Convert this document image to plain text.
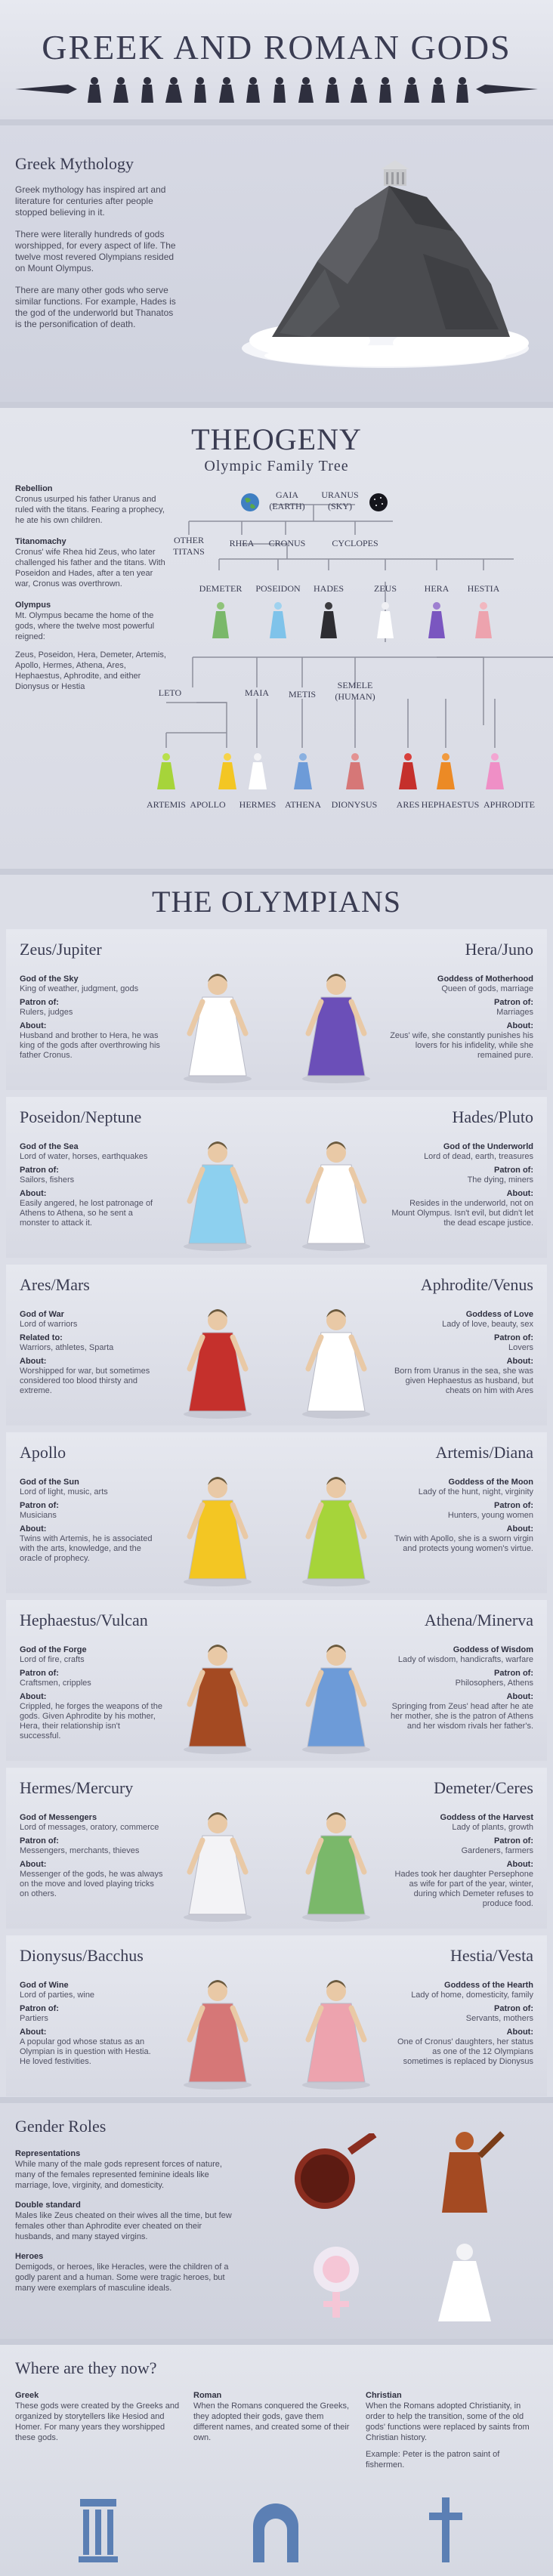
GREEK AND ROMAN GODS
Greek Mythology

Greek mythology has inspired art and literature for centuries after people stopped believing in it.

There were literally hundreds of gods worshipped, for every aspect of life. The twelve most revered Olympians resided on Mount Olympus.

There are many other gods who serve similar functions. For example, Hades is the god of the underworld but Thanatos is the personification of death.

THEOGENY
Olympic Family Tree
Rebellion

Cronus usurped his father Uranus and ruled with the titans. Fearing a prophecy, he ate his own children.

Titanomachy

Cronus' wife Rhea hid Zeus, who later challenged his father and the titans. With Poseidon and Hades, after a ten year war, Cronus was overthrown.

Olympus

Mt. Olympus became the home of the gods, where the twelve most powerful reigned:

Zeus, Poseidon, Hera, Demeter, Artemis, Apollo, Hermes, Athena, Ares, Hephaestus, Aphrodite, and either Dionysus or Hestia

GAIA
(EARTH)
URANUS
(SKY)
OTHER
TITANS
RHEA	CRONUS	CYCLOPES
DEMETER POSEIDON	HADES	ZEUS	HERA	HESTIA
LETO	MAIA	METIS
SEMELE
(HUMAN)
ARTEMIS APOLLO HERMES ATHENA	DIONYSUS	ARES HEPHAESTUS APHRODITE
THE OLYMPIANS
Zeus/Jupiter
God of the Sky
King of weather, judgment, gods
Patron of:
Rulers, judges
About:
Husband and brother to Hera, he was king of the gods after overthrowing his father Cronus.
Hera/Juno
Goddess of Motherhood
Queen of gods, marriage
Patron of:
Marriages
About:
Zeus' wife, she constantly punishes his lovers for his infidelity, while she remained pure.
Poseidon/Neptune
God of the Sea
Lord of water, horses, earthquakes
Patron of:
Sailors, fishers
About:
Easily angered, he lost patronage of Athens to Athena, so he sent a monster to attack it.
Hades/Pluto
God of the Underworld
Lord of dead, earth, treasures
Patron of:
The dying, miners
About:
Resides in the underworld, not on Mount Olympus. Isn't evil, but didn't let the dead escape justice.
Ares/Mars
God of War
Lord of warriors
Related to:
Warriors, athletes, Sparta
About:
Worshipped for war, but sometimes considered too blood thirsty and extreme.
Aphrodite/Venus
Goddess of Love
Lady of love, beauty, sex
Patron of:
Lovers
About:
Born from Uranus in the sea, she was given Hephaestus as husband, but cheats on him with Ares
Apollo
God of the Sun
Lord of light, music, arts
Patron of:
Musicians
About:
Twins with Artemis, he is associated with the arts, knowledge, and the oracle of prophecy.
Artemis/Diana
Goddess of the Moon
Lady of the hunt, night, virginity
Patron of:
Hunters, young women
About:
Twin with Apollo, she is a sworn virgin and protects young women's virtue.
Hephaestus/Vulcan
God of the Forge
Lord of fire, crafts
Patron of:
Craftsmen, cripples
About:
Crippled, he forges the weapons of the gods. Given Aphrodite by his mother, Hera, their relationship isn't successful.
Athena/Minerva
Goddess of Wisdom
Lady of wisdom, handicrafts, warfare
Patron of:
Philosophers, Athens
About:
Springing from Zeus' head after he ate her mother, she is the patron of Athens and her wisdom rivals her father's.
Hermes/Mercury
God of Messengers
Lord of messages, oratory, commerce
Patron of:
Messengers, merchants, thieves
About:
Messenger of the gods, he was always on the move and loved playing tricks on others.
Demeter/Ceres
Goddess of the Harvest
Lady of plants, growth
Patron of:
Gardeners, farmers
About:
Hades took her daughter Persephone as wife for part of the year, winter, during which Demeter refuses to produce food.
Dionysus/Bacchus
God of Wine
Lord of parties, wine
Patron of:
Partiers
About:
A popular god whose status as an Olympian is in question with Hestia. He loved festivities.
Hestia/Vesta
Goddess of the Hearth
Lady of home, domesticity, family
Patron of:
Servants, mothers
About:
One of Cronus' daughters, her status as one of the 12 Olympians sometimes is replaced by Dionysus
Gender Roles
Representations

While many of the male gods represent forces of nature, many of the females represented feminine ideals like marriage, love, virginity, and domesticity.

Double standard

Males like Zeus cheated on their wives all the time, but few females other than Aphrodite ever cheated on their husbands, and many stayed virgins.

Heroes

Demigods, or heroes, like Heracles, were the children of a godly parent and a human. Some were tragic heroes, but many were exemplars of masculine ideals.

Where are they now?
Greek

These gods were created by the Greeks and organized by storytellers like Hesiod and Homer. For many years they worshipped these gods.

Roman

When the Romans conquered the Greeks, they adopted their gods, gave them different names, and created some of their own.

Christian

When the Romans adopted Christianity, in order to help the transition, some of the old gods' functions were replaced by saints from Christian history.

Example: Peter is the patron saint of fishermen.
